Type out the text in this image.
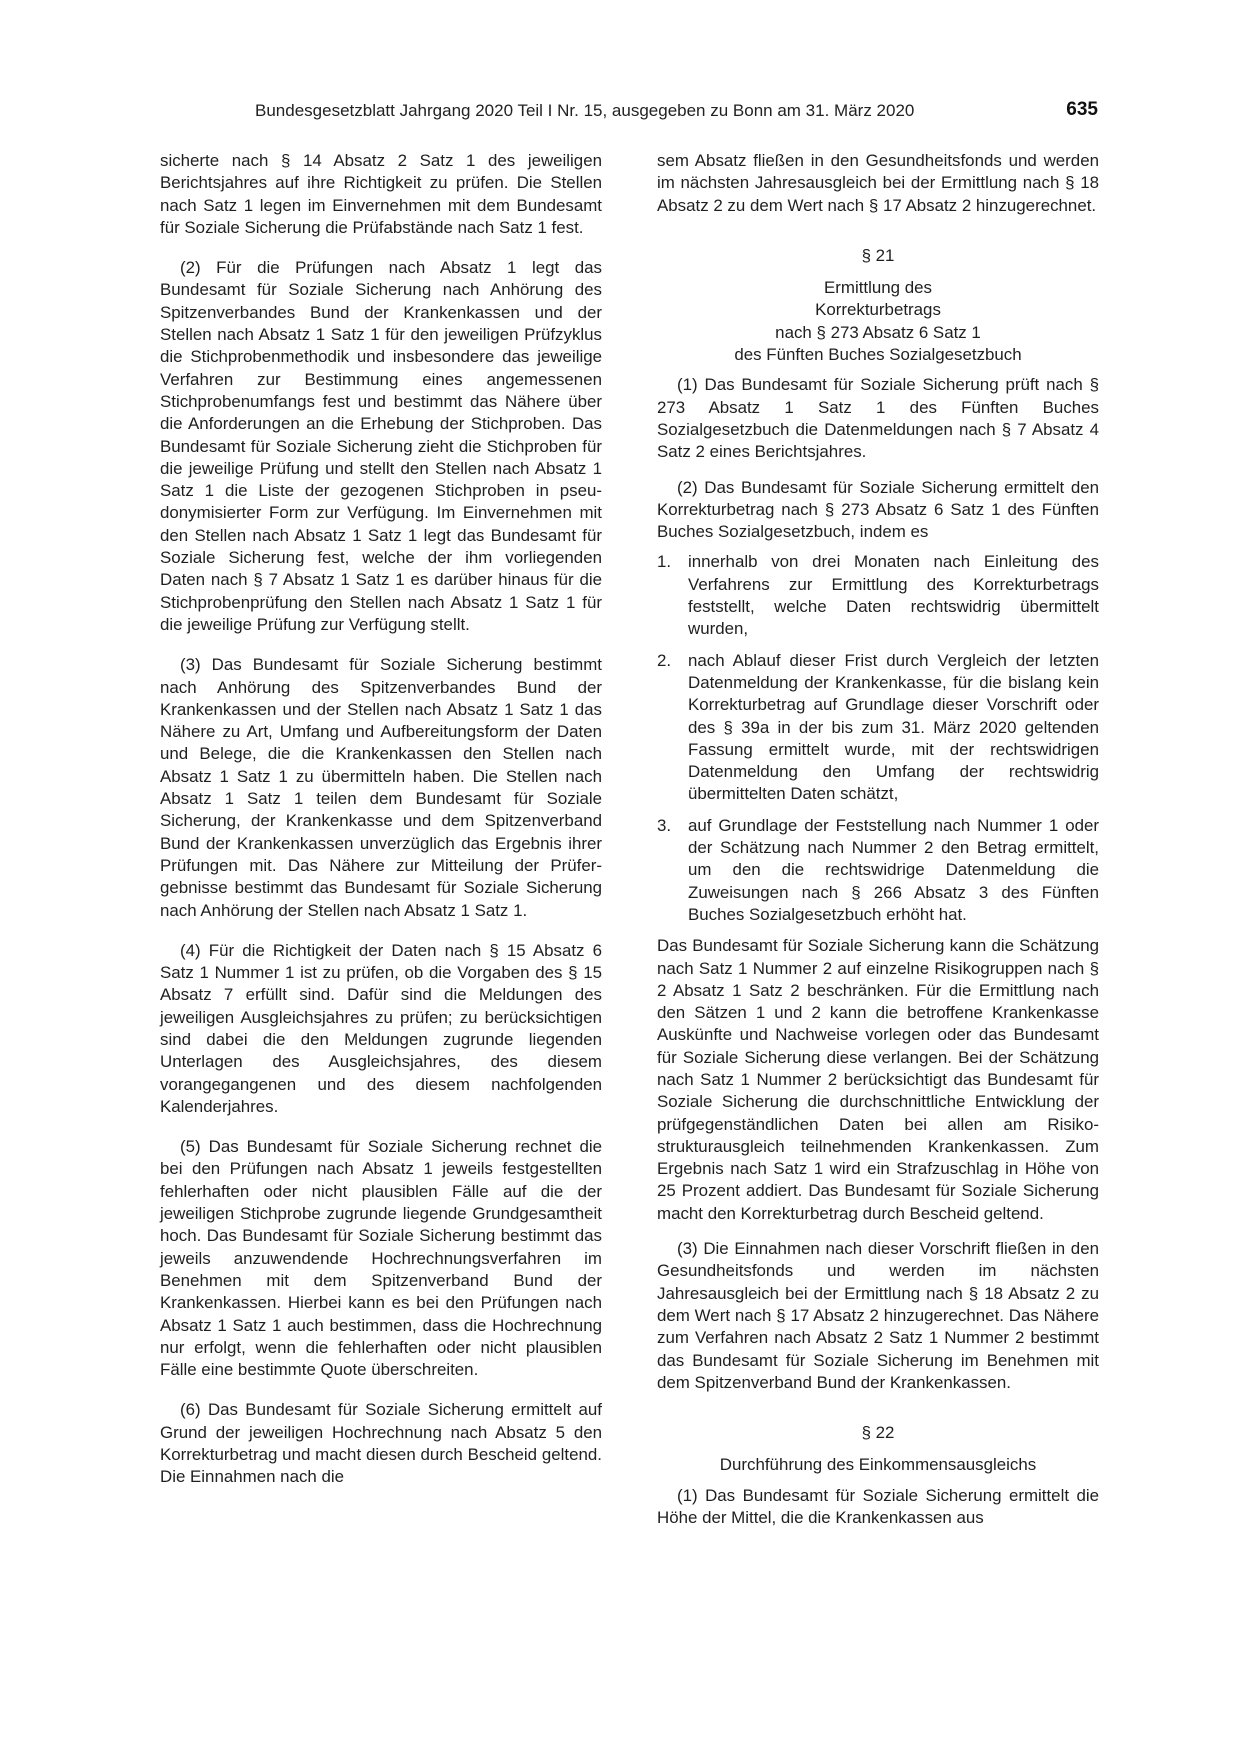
Bundesgesetzblatt Jahrgang 2020 Teil I Nr. 15, ausgegeben zu Bonn am 31. März 2020	635

sicherte nach § 14 Absatz 2 Satz 1 des jeweiligen Berichtsjahres auf ihre Richtigkeit zu prüfen. Die Stellen nach Satz 1 legen im Einvernehmen mit dem Bundesamt für Soziale Sicherung die Prüfabstände nach Satz 1 fest.

(2) Für die Prüfungen nach Absatz 1 legt das Bundesamt für Soziale Sicherung nach Anhörung des Spitzenverbandes Bund der Krankenkassen und der Stellen nach Absatz 1 Satz 1 für den jeweiligen Prüfzyklus die Stichprobenmethodik und insbesondere das jeweilige Verfahren zur Bestimmung eines angemessenen Stichprobenumfangs fest und bestimmt das Nähere über die Anforderungen an die Erhebung der Stichproben. Das Bundesamt für Soziale Sicherung zieht die Stichproben für die jeweilige Prüfung und stellt den Stellen nach Absatz 1 Satz 1 die Liste der gezogenen Stichproben in pseudonymisierter Form zur Verfügung. Im Einvernehmen mit den Stellen nach Absatz 1 Satz 1 legt das Bundesamt für Soziale Sicherung fest, welche der ihm vorliegenden Daten nach § 7 Absatz 1 Satz 1 es darüber hinaus für die Stichprobenprüfung den Stellen nach Absatz 1 Satz 1 für die jeweilige Prüfung zur Verfügung stellt.

(3) Das Bundesamt für Soziale Sicherung bestimmt nach Anhörung des Spitzenverbandes Bund der Krankenkassen und der Stellen nach Absatz 1 Satz 1 das Nähere zu Art, Umfang und Aufbereitungsform der Daten und Belege, die die Krankenkassen den Stellen nach Absatz 1 Satz 1 zu übermitteln haben. Die Stellen nach Absatz 1 Satz 1 teilen dem Bundesamt für Soziale Sicherung, der Krankenkasse und dem Spitzenverband Bund der Krankenkassen unverzüglich das Ergebnis ihrer Prüfungen mit. Das Nähere zur Mitteilung der Prüfergebnisse bestimmt das Bundesamt für Soziale Sicherung nach Anhörung der Stellen nach Absatz 1 Satz 1.

(4) Für die Richtigkeit der Daten nach § 15 Absatz 6 Satz 1 Nummer 1 ist zu prüfen, ob die Vorgaben des § 15 Absatz 7 erfüllt sind. Dafür sind die Meldungen des jeweiligen Ausgleichsjahres zu prüfen; zu berücksichtigen sind dabei die den Meldungen zugrunde liegenden Unterlagen des Ausgleichsjahres, des diesem vorangegangenen und des diesem nachfolgenden Kalenderjahres.

(5) Das Bundesamt für Soziale Sicherung rechnet die bei den Prüfungen nach Absatz 1 jeweils festgestellten fehlerhaften oder nicht plausiblen Fälle auf die der jeweiligen Stichprobe zugrunde liegende Grundgesamtheit hoch. Das Bundesamt für Soziale Sicherung bestimmt das jeweils anzuwendende Hochrechnungsverfahren im Benehmen mit dem Spitzenverband Bund der Krankenkassen. Hierbei kann es bei den Prüfungen nach Absatz 1 Satz 1 auch bestimmen, dass die Hochrechnung nur erfolgt, wenn die fehlerhaften oder nicht plausiblen Fälle eine bestimmte Quote überschreiten.

(6) Das Bundesamt für Soziale Sicherung ermittelt auf Grund der jeweiligen Hochrechnung nach Absatz 5 den Korrekturbetrag und macht diesen durch Bescheid geltend. Die Einnahmen nach die

sem Absatz fließen in den Gesundheitsfonds und werden im nächsten Jahresausgleich bei der Ermittlung nach § 18 Absatz 2 zu dem Wert nach § 17 Absatz 2 hinzugerechnet.

§ 21
Ermittlung des
Korrekturbetrags
nach § 273 Absatz 6 Satz 1
des Fünften Buches Sozialgesetzbuch

(1) Das Bundesamt für Soziale Sicherung prüft nach § 273 Absatz 1 Satz 1 des Fünften Buches Sozialgesetzbuch die Datenmeldungen nach § 7 Absatz 4 Satz 2 eines Berichtsjahres.

(2) Das Bundesamt für Soziale Sicherung ermittelt den Korrekturbetrag nach § 273 Absatz 6 Satz 1 des Fünften Buches Sozialgesetzbuch, indem es

1. innerhalb von drei Monaten nach Einleitung des Verfahrens zur Ermittlung des Korrekturbetrags feststellt, welche Daten rechtswidrig übermittelt wurden,
2. nach Ablauf dieser Frist durch Vergleich der letzten Datenmeldung der Krankenkasse, für die bislang kein Korrekturbetrag auf Grundlage dieser Vorschrift oder des § 39a in der bis zum 31. März 2020 geltenden Fassung ermittelt wurde, mit der rechtswidrigen Datenmeldung den Umfang der rechtswidrig übermittelten Daten schätzt,
3. auf Grundlage der Feststellung nach Nummer 1 oder der Schätzung nach Nummer 2 den Betrag ermittelt, um den die rechtswidrige Datenmeldung die Zuweisungen nach § 266 Absatz 3 des Fünften Buches Sozialgesetzbuch erhöht hat.

Das Bundesamt für Soziale Sicherung kann die Schätzung nach Satz 1 Nummer 2 auf einzelne Risikogruppen nach § 2 Absatz 1 Satz 2 beschränken. Für die Ermittlung nach den Sätzen 1 und 2 kann die betroffene Krankenkasse Auskünfte und Nachweise vorlegen oder das Bundesamt für Soziale Sicherung diese verlangen. Bei der Schätzung nach Satz 1 Nummer 2 berücksichtigt das Bundesamt für Soziale Sicherung die durchschnittliche Entwicklung der prüfgegenständlichen Daten bei allen am Risikostrukturausgleich teilnehmenden Krankenkassen. Zum Ergebnis nach Satz 1 wird ein Strafzuschlag in Höhe von 25 Prozent addiert. Das Bundesamt für Soziale Sicherung macht den Korrekturbetrag durch Bescheid geltend.

(3) Die Einnahmen nach dieser Vorschrift fließen in den Gesundheitsfonds und werden im nächsten Jahresausgleich bei der Ermittlung nach § 18 Absatz 2 zu dem Wert nach § 17 Absatz 2 hinzugerechnet. Das Nähere zum Verfahren nach Absatz 2 Satz 1 Nummer 2 bestimmt das Bundesamt für Soziale Sicherung im Benehmen mit dem Spitzenverband Bund der Krankenkassen.

§ 22
Durchführung des Einkommensausgleichs

(1) Das Bundesamt für Soziale Sicherung ermittelt die Höhe der Mittel, die die Krankenkassen aus
